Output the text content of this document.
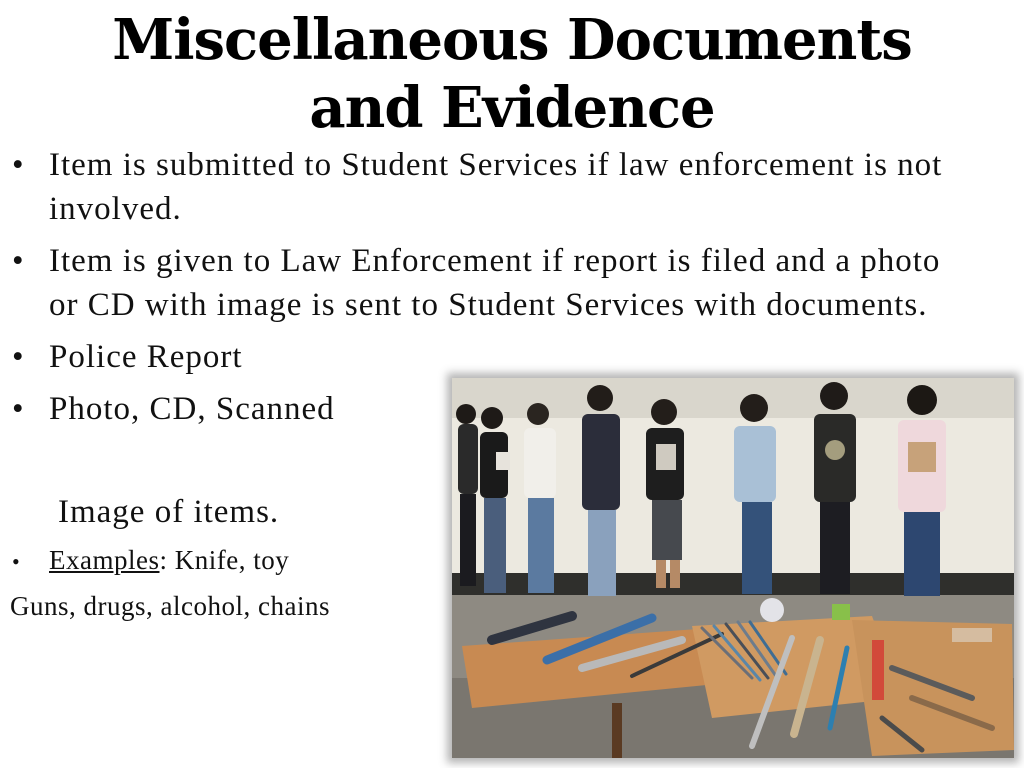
Miscellaneous Documents
and Evidence
• Item is submitted to Student Services if law enforcement is not involved.
• Item is given to Law Enforcement if report is filed and a photo or CD with image is sent to Student Services with documents.
• Police Report
• Photo, CD, Scanned
Image of items.
• Examples: Knife, toy
Guns, drugs, alcohol, chains
